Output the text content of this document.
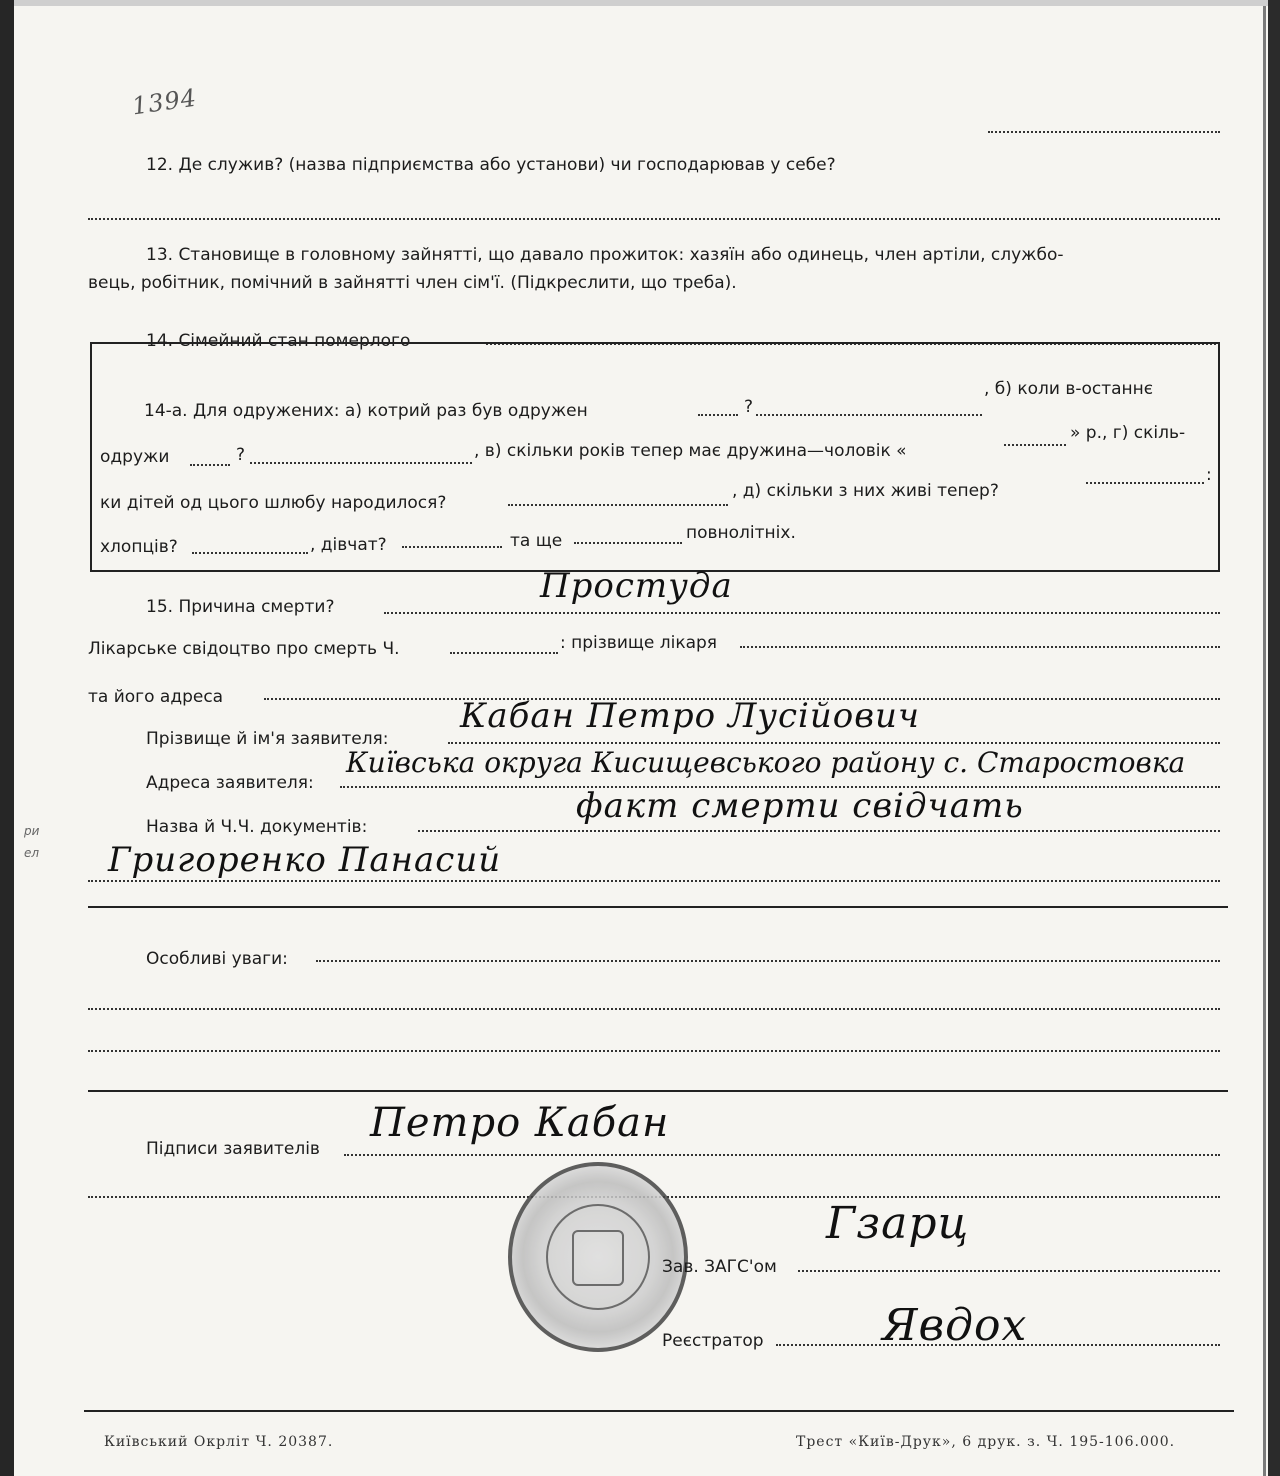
1394
12. Де служив? (назва підприємства або установи) чи господарював у себе?
13. Становище в головному зайнятті, що давало прожиток: хазяїн або одинець, член артіли, службо-
вець, робітник, помічний в зайнятті член сім'ї. (Підкреслити, що треба).
14. Сімейний стан померлого
14-а. Для одружених: а) котрий раз був одружен	?
, б) коли в-останнє
одружи	?	, в) скільки років тепер має дружина—чоловік «
» р., г) скіль-
ки дітей од цього шлюбу народилося?
, д) скільки з них живі тепер?
:
хлопців?	, дівчат?	та ще	повнолітніх.
15. Причина смерти?
Простуда
Лікарське свідоцтво про смерть Ч.	: прізвище лікаря
та його адреса
Прізвище й ім'я заявителя:
Кабан Петро Лусійович
Адреса заявителя:
Київська округа Кисищевського району с. Старостовка
Назва й Ч.Ч. документів:
факт смерти свідчать
Григоренко Панасий
Особливі уваги:
Підписи заявителів
Петро Кабан
Зав. ЗАГС'ом
Гзарц
Реєстратор	Явдох
ри ел
Київський Окрліт Ч. 20387.	Трест «Київ-Друк», 6 друк. з. Ч. 195-106.000.
